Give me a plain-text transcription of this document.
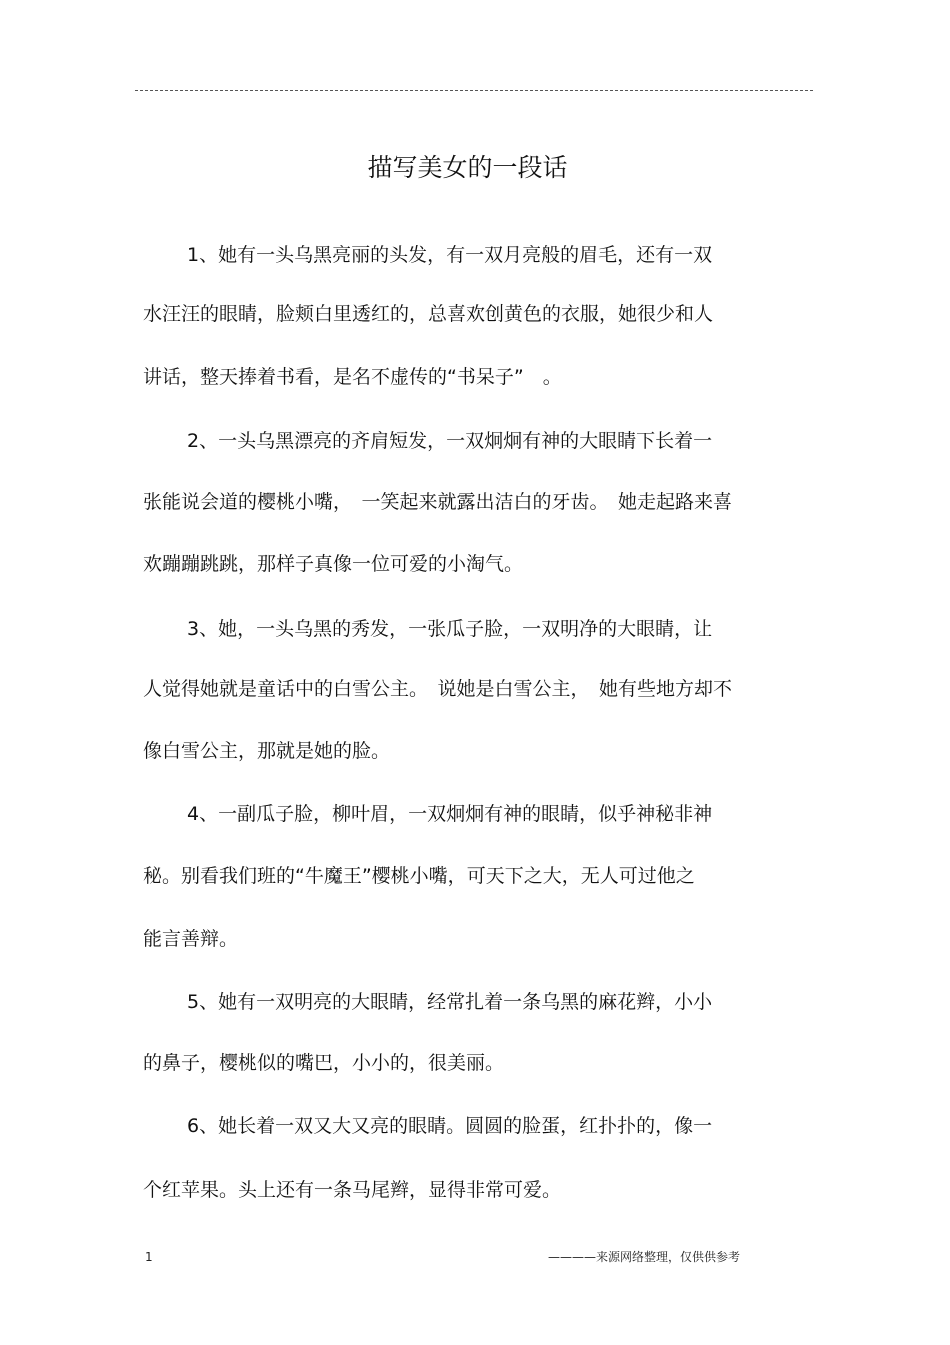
描写美女的一段话
1、她有一头乌黑亮丽的头发，有一双月亮般的眉毛，还有一双
水汪汪的眼睛，脸颊白里透红的，总喜欢创黄色的衣服，她很少和人
讲话，整天捧着书看，是名不虚传的“书呆子”　。
2、一头乌黑漂亮的齐肩短发，一双炯炯有神的大眼睛下长着一
张能说会道的樱桃小嘴，　一笑起来就露出洁白的牙齿。　她走起路来喜
欢蹦蹦跳跳，那样子真像一位可爱的小淘气。
3、她，一头乌黑的秀发，一张瓜子脸，一双明净的大眼睛，让
人觉得她就是童话中的白雪公主。　说她是白雪公主，　她有些地方却不
像白雪公主，那就是她的脸。
4、一副瓜子脸，柳叶眉，一双炯炯有神的眼睛，似乎神秘非神
秘。别看我们班的“牛魔王”樱桃小嘴，可天下之大，无人可过他之
能言善辩。
5、她有一双明亮的大眼睛，经常扎着一条乌黑的麻花辫，小小
的鼻子，樱桃似的嘴巴，小小的，很美丽。
6、她长着一双又大又亮的眼睛。圆圆的脸蛋，红扑扑的，像一
个红苹果。头上还有一条马尾辫，显得非常可爱。
1	————来源网络整理，仅供供参考
